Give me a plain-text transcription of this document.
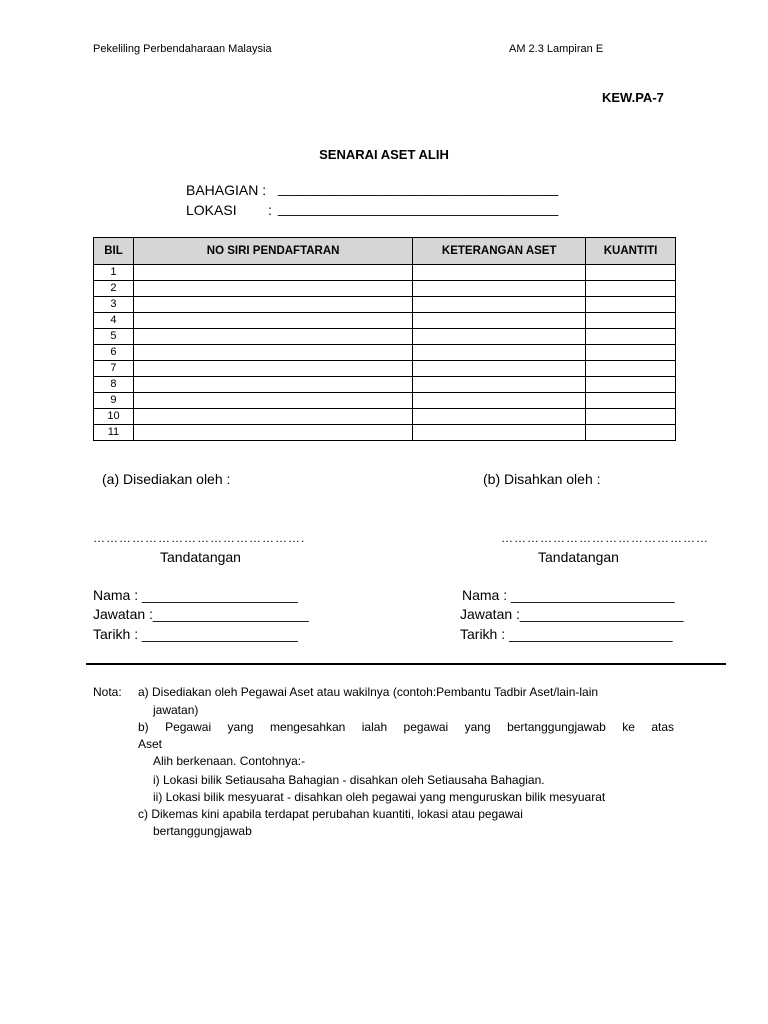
Pekeliling Perbendaharaan Malaysia	AM 2.3 Lampiran E
KEW.PA-7
SENARAI ASET ALIH
BAHAGIAN : ____________________________________
LOKASI : ____________________________________
BIL	NO SIRI PENDAFTARAN	KETERANGAN ASET	KUANTITI
1			
2			
3			
4			
5			
6			
7			
8			
9			
10			
11			
(a) Disediakan oleh :	(b) Disahkan oleh :
………………………………………….	…………………………………………
Tandatangan	Tandatangan
Nama : ____________________
Jawatan :____________________
Tarikh : ____________________
Nama : _____________________
Jawatan :_____________________
Tarikh : _____________________
Nota: a) Disediakan oleh Pegawai Aset atau wakilnya (contoh:Pembantu Tadbir Aset/lain-lain
jawatan)
b) Pegawai yang mengesahkan ialah pegawai yang bertanggungjawab ke atas
Aset
Alih berkenaan. Contohnya:-
i) Lokasi bilik Setiausaha Bahagian - disahkan oleh Setiausaha Bahagian.
ii) Lokasi bilik mesyuarat - disahkan oleh pegawai yang menguruskan bilik mesyuarat
c) Dikemas kini apabila terdapat perubahan kuantiti, lokasi atau pegawai
bertanggungjawab
